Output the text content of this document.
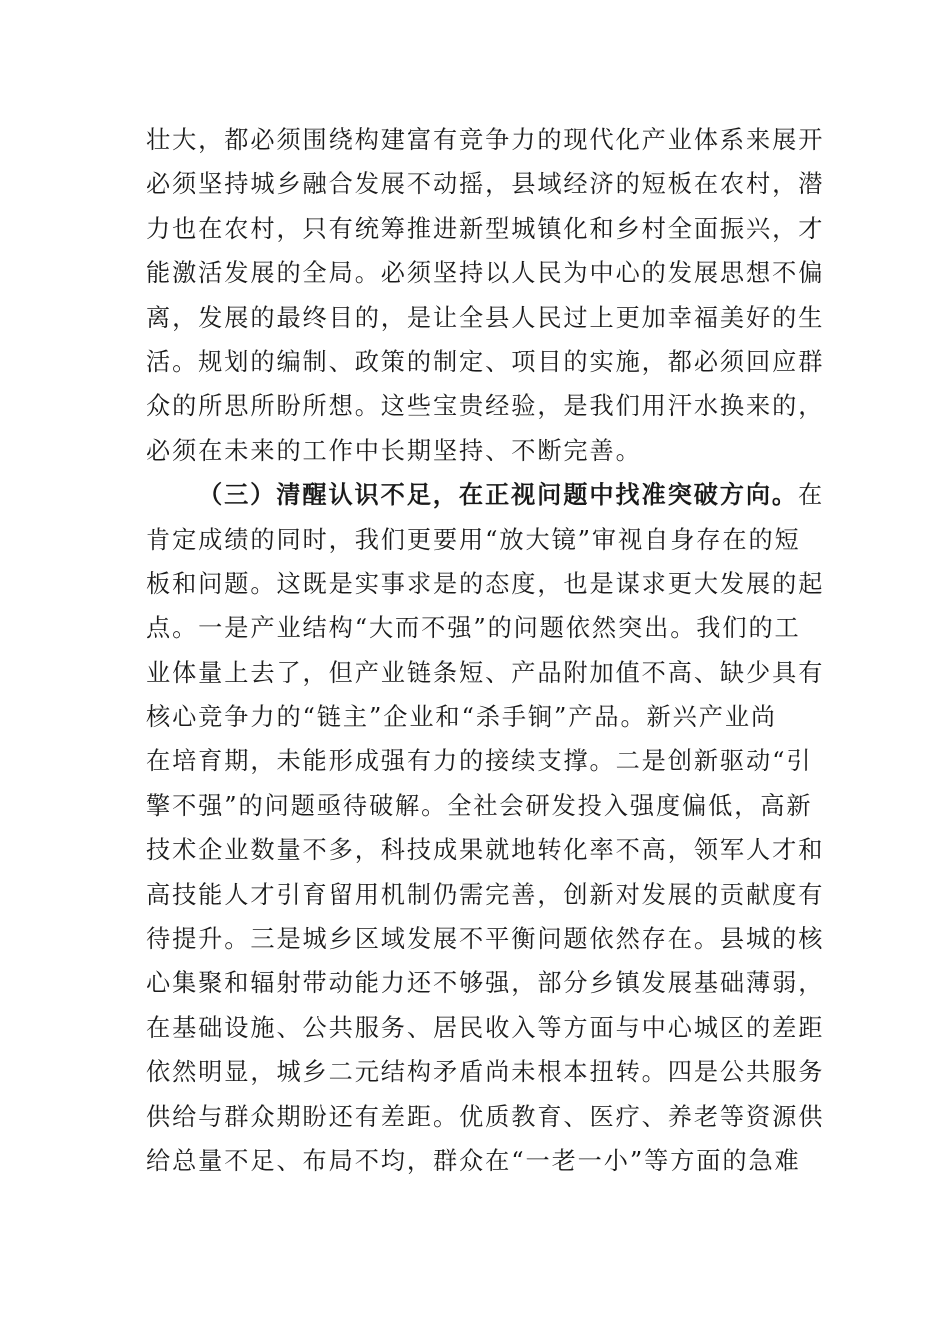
壮大，都必须围绕构建富有竞争力的现代化产业体系来展开
必须坚持城乡融合发展不动摇，县域经济的短板在农村，潜
力也在农村，只有统筹推进新型城镇化和乡村全面振兴，才
能激活发展的全局。必须坚持以人民为中心的发展思想不偏
离，发展的最终目的，是让全县人民过上更加幸福美好的生
活。规划的编制、政策的制定、项目的实施，都必须回应群
众的所思所盼所想。这些宝贵经验，是我们用汗水换来的，
必须在未来的工作中长期坚持、不断完善。
（三）清醒认识不足，在正视问题中找准突破方向。在
肯定成绩的同时，我们更要用“放大镜”审视自身存在的短
板和问题。这既是实事求是的态度，也是谋求更大发展的起
点。一是产业结构“大而不强”的问题依然突出。我们的工
业体量上去了，但产业链条短、产品附加值不高、缺少具有
核心竞争力的“链主”企业和“杀手锏”产品。新兴产业尚
在培育期，未能形成强有力的接续支撑。二是创新驱动“引
擎不强”的问题亟待破解。全社会研发投入强度偏低，高新
技术企业数量不多，科技成果就地转化率不高，领军人才和
高技能人才引育留用机制仍需完善，创新对发展的贡献度有
待提升。三是城乡区域发展不平衡问题依然存在。县城的核
心集聚和辐射带动能力还不够强，部分乡镇发展基础薄弱，
在基础设施、公共服务、居民收入等方面与中心城区的差距
依然明显，城乡二元结构矛盾尚未根本扭转。四是公共服务
供给与群众期盼还有差距。优质教育、医疗、养老等资源供
给总量不足、布局不均，群众在“一老一小”等方面的急难
